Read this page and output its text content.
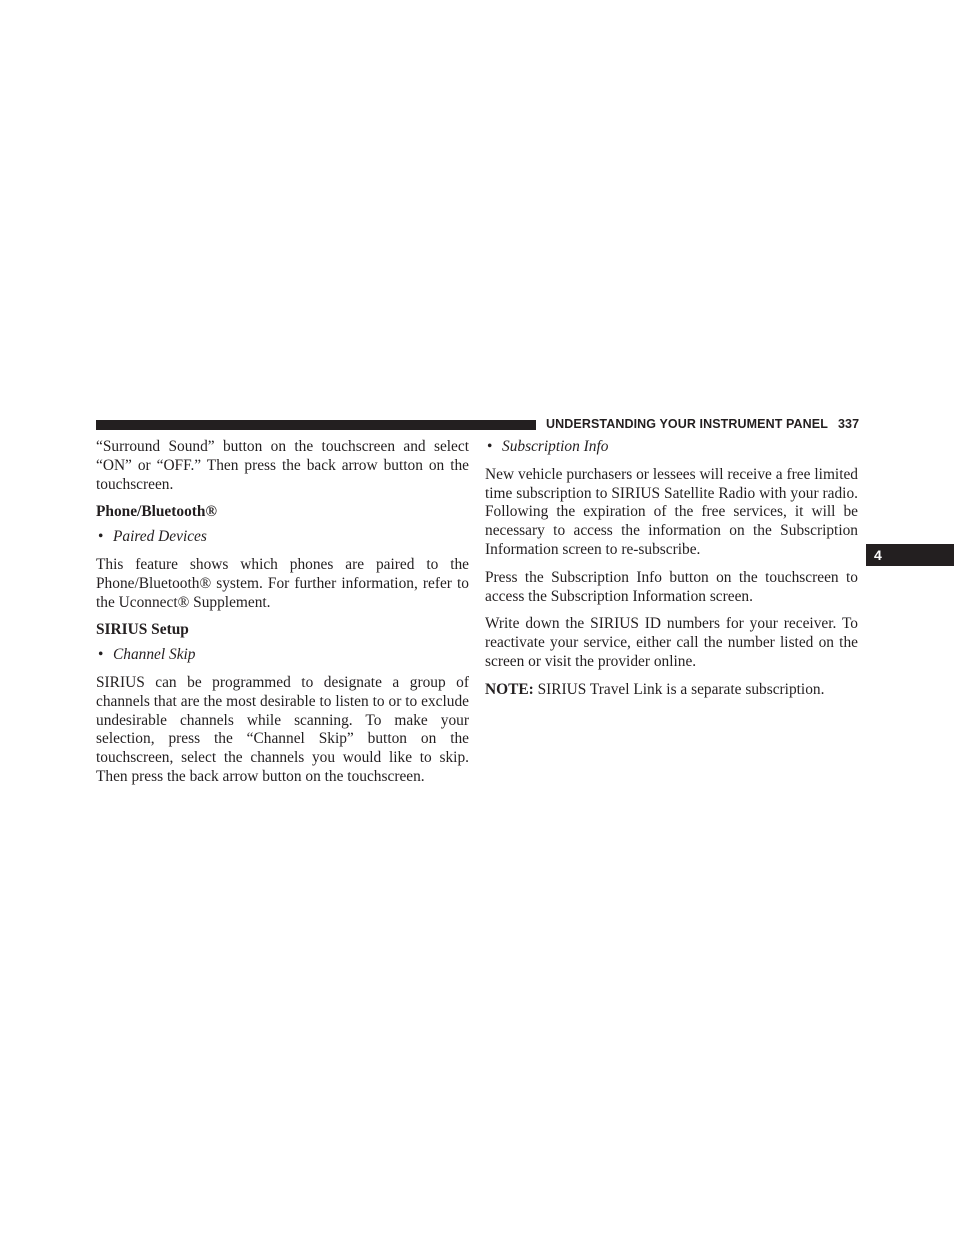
UNDERSTANDING YOUR INSTRUMENT PANEL 337
4

“Surround Sound” button on the touchscreen and select “ON” or “OFF.” Then press the back arrow button on the touchscreen.

Phone/Bluetooth®
• Paired Devices

This feature shows which phones are paired to the Phone/Bluetooth® system. For further information, refer to the Uconnect® Supplement.

SIRIUS Setup
• Channel Skip

SIRIUS can be programmed to designate a group of channels that are the most desirable to listen to or to exclude undesirable channels while scanning. To make your selection, press the “Channel Skip” button on the touchscreen, select the channels you would like to skip. Then press the back arrow button on the touchscreen.

• Subscription Info

New vehicle purchasers or lessees will receive a free limited time subscription to SIRIUS Satellite Radio with your radio. Following the expiration of the free services, it will be necessary to access the information on the Subscription Information screen to re-subscribe.

Press the Subscription Info button on the touchscreen to access the Subscription Information screen.

Write down the SIRIUS ID numbers for your receiver. To reactivate your service, either call the number listed on the screen or visit the provider online.

NOTE: SIRIUS Travel Link is a separate subscription.
